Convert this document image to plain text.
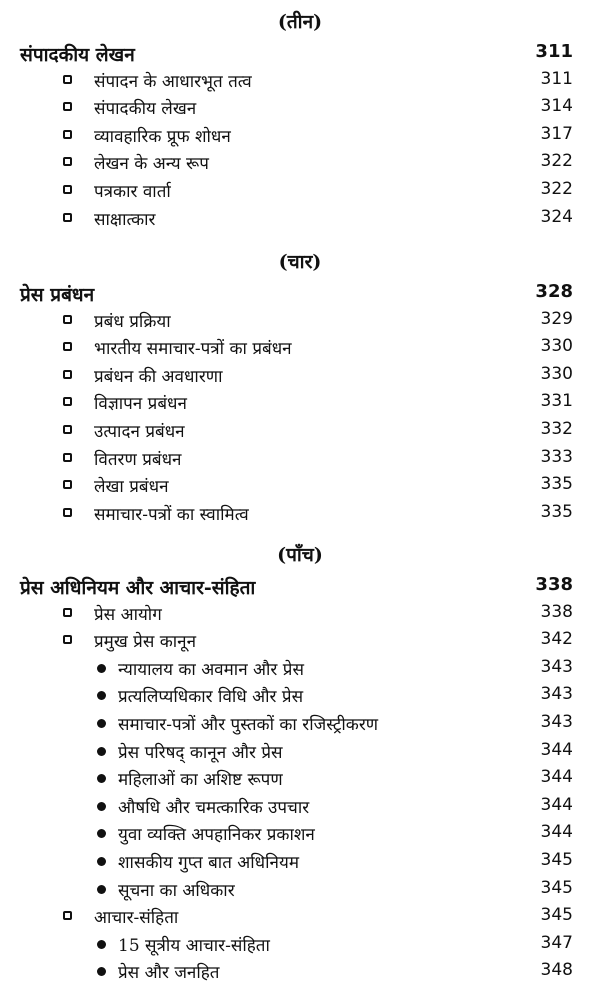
(तीन)
संपादकीय लेखन	311
संपादन के आधारभूत तत्व	311
संपादकीय लेखन	314
व्यावहारिक प्रूफ शोधन	317
लेखन के अन्य रूप	322
पत्रकार वार्ता	322
साक्षात्कार	324
(चार)
प्रेस प्रबंधन	328
प्रबंध प्रक्रिया	329
भारतीय समाचार-पत्रों का प्रबंधन	330
प्रबंधन की अवधारणा	330
विज्ञापन प्रबंधन	331
उत्पादन प्रबंधन	332
वितरण प्रबंधन	333
लेखा प्रबंधन	335
समाचार-पत्रों का स्वामित्व	335
(पाँच)
प्रेस अधिनियम और आचार-संहिता	338
प्रेस आयोग	338
प्रमुख प्रेस कानून	342
न्यायालय का अवमान और प्रेस	343
प्रत्यलिप्यधिकार विधि और प्रेस	343
समाचार-पत्रों और पुस्तकों का रजिस्ट्रीकरण	343
प्रेस परिषद् कानून और प्रेस	344
महिलाओं का अशिष्ट रूपण	344
औषधि और चमत्कारिक उपचार	344
युवा व्यक्ति अपहानिकर प्रकाशन	344
शासकीय गुप्त बात अधिनियम	345
सूचना का अधिकार	345
आचार-संहिता	345
15 सूत्रीय आचार-संहिता	347
प्रेस और जनहित	348
